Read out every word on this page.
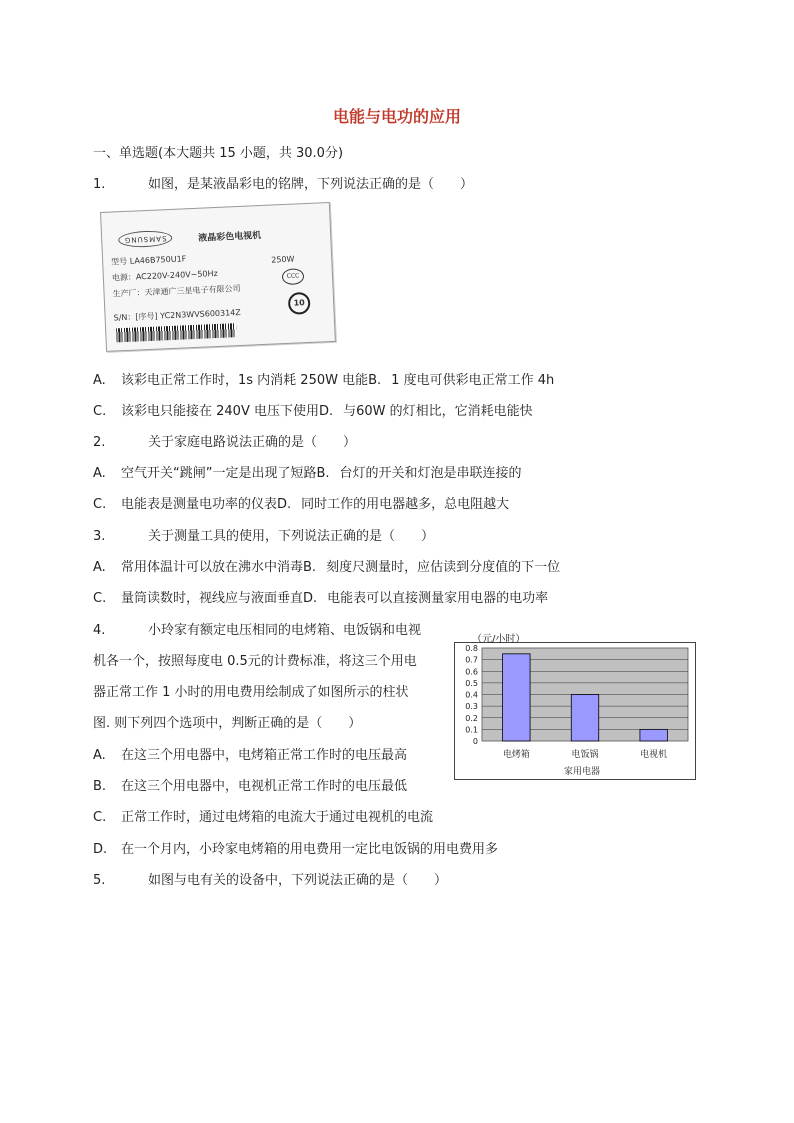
电能与电功的应用
一、单选题(本大题共 15 小题，共 30.0分)
1.	如图，是某液晶彩电的铭牌，下列说法正确的是（　　）
SAMSUNG	液晶彩色电视机
型号 LA46B750U1F
电源：AC220V-240V~50Hz
250W
生产厂：天津通广三星电子有限公司
CCC
10
S/N：[序号] YC2N3WVS600314Z
A. 该彩电正常工作时，1s 内消耗 250W 电能B. 1 度电可供彩电正常工作 4h
C. 该彩电只能接在 240V 电压下使用D. 与60W 的灯相比，它消耗电能快
2.	关于家庭电路说法正确的是（　　）
A. 空气开关“跳闸”一定是出现了短路B. 台灯的开关和灯泡是串联连接的
C. 电能表是测量电功率的仪表D. 同时工作的用电器越多，总电阻越大
3.	关于测量工具的使用，下列说法正确的是（　　）
A. 常用体温计可以放在沸水中消毒B. 刻度尺测量时，应估读到分度值的下一位
C. 量筒读数时，视线应与液面垂直D. 电能表可以直接测量家用电器的电功率
4.	小玲家有额定电压相同的电烤箱、电饭锅和电视
机各一个，按照每度电 0.5元的计费标准，将这三个用电
器正常工作 1 小时的用电费用绘制成了如图所示的柱状
图. 则下列四个选项中，判断正确的是（　　）
A. 在这三个用电器中，电烤箱正常工作时的电压最高
B. 在这三个用电器中，电视机正常工作时的电压最低
C. 正常工作时，通过电烤箱的电流大于通过电视机的电流
D. 在一个月内，小玲家电烤箱的用电费用一定比电饭锅的用电费用多
5.	如图与电有关的设备中，下列说法正确的是（　　）
（元/小时）
0.8
0.7
0.6
0.5
0.4
0.3
0.2
0.1
0
电烤箱	电饭锅	电视机
家用电器
